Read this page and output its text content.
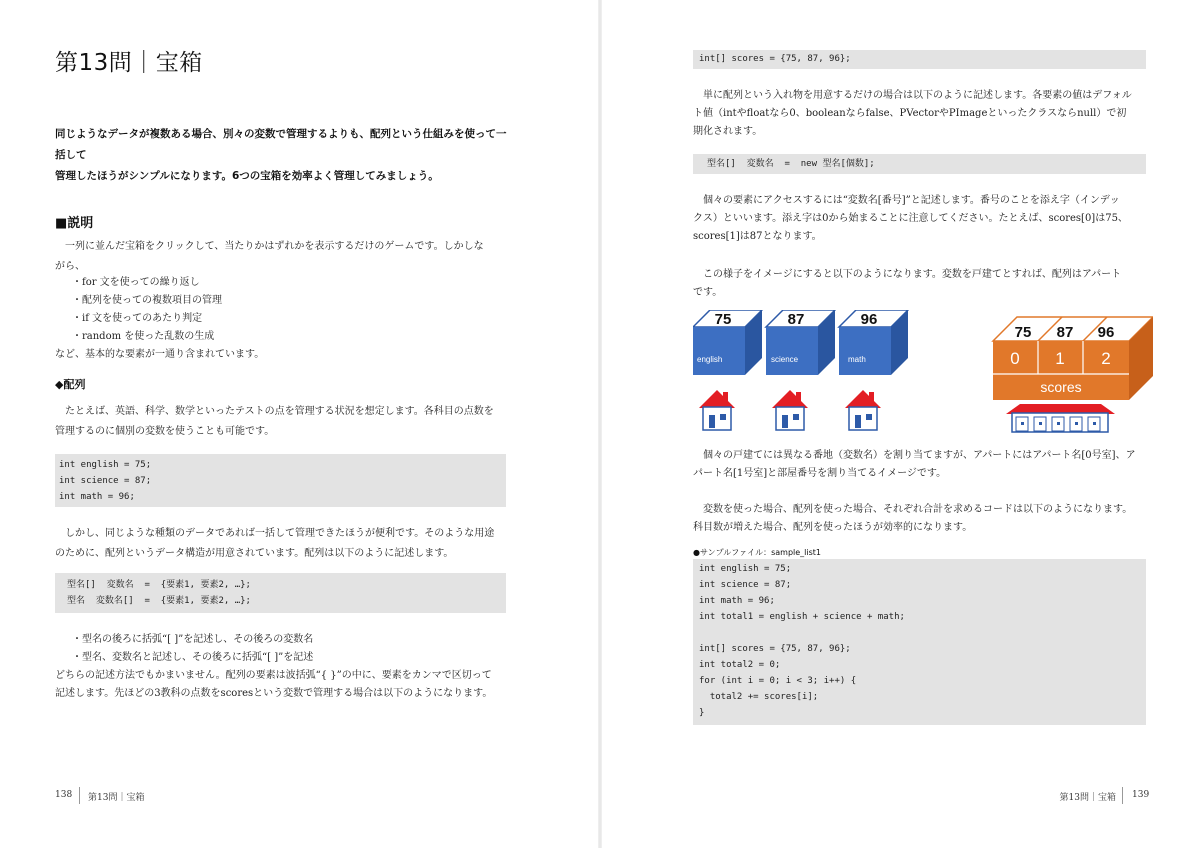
第13問｜宝箱
同じようなデータが複数ある場合、別々の変数で管理するよりも、配列という仕組みを使って一括して
管理したほうがシンプルになります。6つの宝箱を効率よく管理してみましょう。
■説明
一列に並んだ宝箱をクリックして、当たりかはずれかを表示するだけのゲームです。しかしな
がら、
・for 文を使っての繰り返し
・配列を使っての複数項目の管理
・if 文を使ってのあたり判定
・random を使った乱数の生成
など、基本的な要素が一通り含まれています。
◆配列
たとえば、英語、科学、数学といったテストの点を管理する状況を想定します。各科目の点数を
管理するのに個別の変数を使うことも可能です。
int english = 75;
int science = 87;
int math = 96;
しかし、同じような種類のデータであれば一括して管理できたほうが便利です。そのような用途
のために、配列というデータ構造が用意されています。配列は以下のように記述します。
型名[]  変数名  =  {要素1, 要素2, …};
型名  変数名[]  =  {要素1, 要素2, …};
・型名の後ろに括弧“[ ]”を記述し、その後ろの変数名
・型名、変数名と記述し、その後ろに括弧“[ ]”を記述
どちらの記述方法でもかまいません。配列の要素は波括弧“{ }”の中に、要素をカンマで区切って
記述します。先ほどの3教科の点数をscoresという変数で管理する場合は以下のようになります。
138 第13問｜宝箱
int[] scores = {75, 87, 96};
単に配列という入れ物を用意するだけの場合は以下のように記述します。各要素の値はデフォル
ト値（intやfloatなら0、booleanならfalse、PVectorやPImageといったクラスならnull）で初
期化されます。
型名[]  変数名  =  new 型名[個数];
個々の要素にアクセスするには“変数名[番号]”と記述します。番号のことを添え字（インデッ
クス）といいます。添え字は0から始まることに注意してください。たとえば、scores[0]は75、
scores[1]は87となります。
この様子をイメージにすると以下のようになります。変数を戸建てとすれば、配列はアパート
です。
75
english
87
science
96
math
75 87 96
0 1 2
scores
個々の戸建てには異なる番地（変数名）を割り当てますが、アパートにはアパート名[0号室]、ア
パート名[1号室]と部屋番号を割り当てるイメージです。
変数を使った場合、配列を使った場合、それぞれ合計を求めるコードは以下のようになります。
科目数が増えた場合、配列を使ったほうが効率的になります。
●サンプルファイル：sample_list1
int english = 75;
int science = 87;
int math = 96;
int total1 = english + science + math;
int[] scores = {75, 87, 96};
int total2 = 0;
for (int i = 0; i < 3; i++) {
total2 += scores[i];
}
第13問｜宝箱 139
